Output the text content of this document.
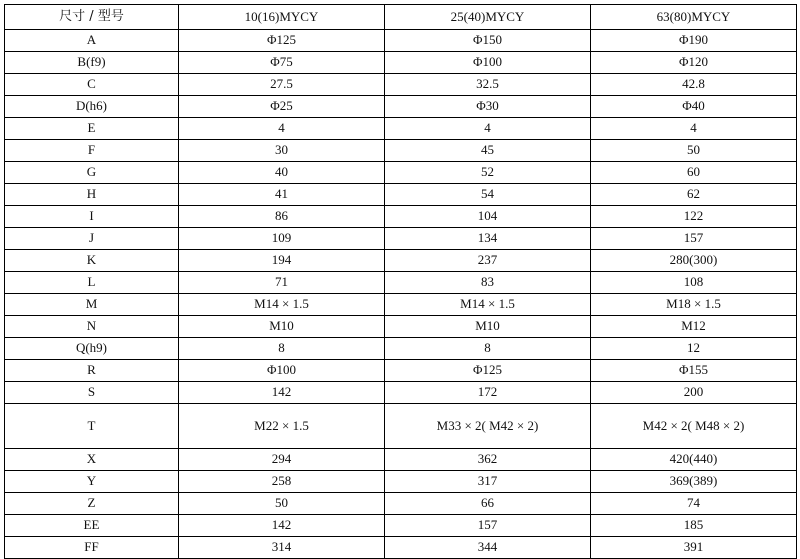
尺寸 / 型号	10(16)MYCY	25(40)MYCY	63(80)MYCY
A	Φ125	Φ150	Φ190
B(f9)	Φ75	Φ100	Φ120
C	27.5	32.5	42.8
D(h6)	Φ25	Φ30	Φ40
E	4	4	4
F	30	45	50
G	40	52	60
H	41	54	62
I	86	104	122
J	109	134	157
K	194	237	280(300)
L	71	83	108
M	M14 × 1.5	M14 × 1.5	M18 × 1.5
N	M10	M10	M12
Q(h9)	8	8	12
R	Φ100	Φ125	Φ155
S	142	172	200
T	M22 × 1.5	M33 × 2( M42 × 2)	M42 × 2( M48 × 2)
X	294	362	420(440)
Y	258	317	369(389)
Z	50	66	74
EE	142	157	185
FF	314	344	391
